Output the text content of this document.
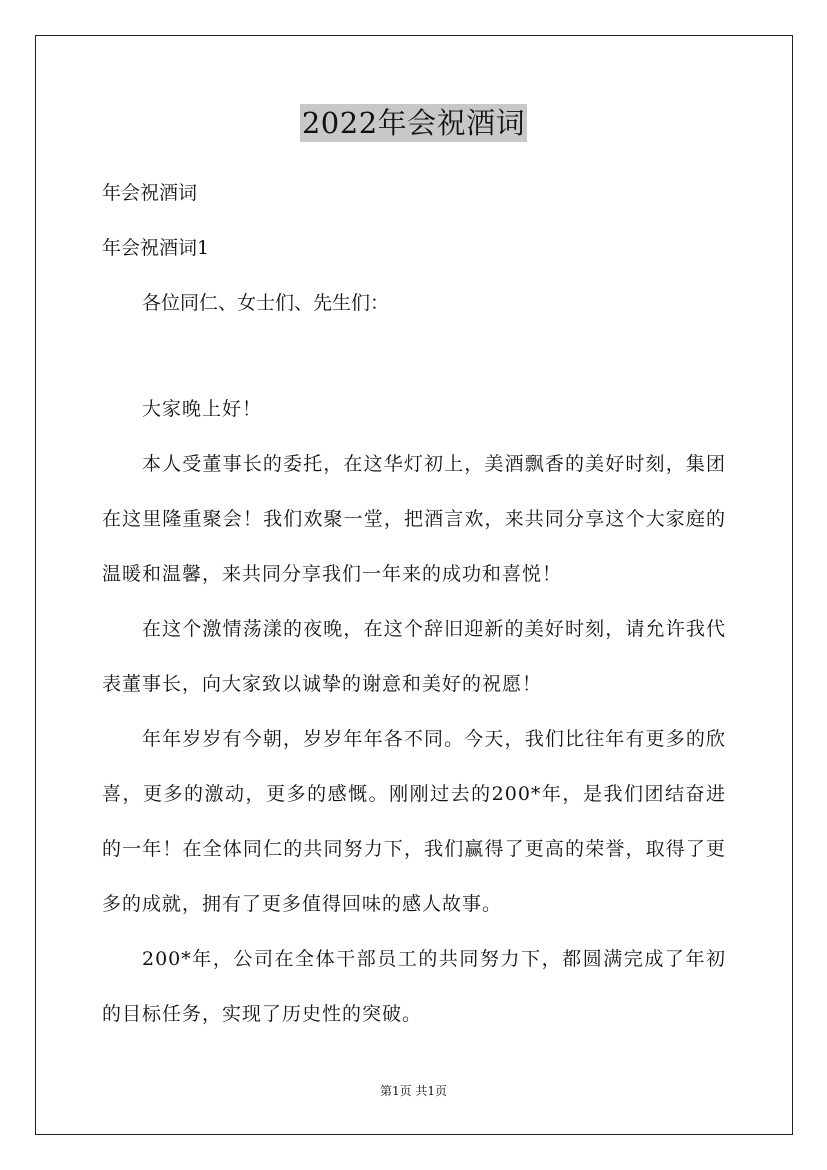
2022年会祝酒词
年会祝酒词
年会祝酒词1
各位同仁、女士们、先生们：
大家晚上好！
本人受董事长的委托，在这华灯初上，美酒飘香的美好时刻，集团在这里隆重聚会！我们欢聚一堂，把酒言欢，来共同分享这个大家庭的温暖和温馨，来共同分享我们一年来的成功和喜悦！
在这个激情荡漾的夜晚，在这个辞旧迎新的美好时刻，请允许我代表董事长，向大家致以诚挚的谢意和美好的祝愿！
年年岁岁有今朝，岁岁年年各不同。今天，我们比往年有更多的欣喜，更多的激动，更多的感慨。刚刚过去的200*年，是我们团结奋进的一年！在全体同仁的共同努力下，我们赢得了更高的荣誉，取得了更多的成就，拥有了更多值得回味的感人故事。
200*年，公司在全体干部员工的共同努力下，都圆满完成了年初的目标任务，实现了历史性的突破。
第1页 共1页
